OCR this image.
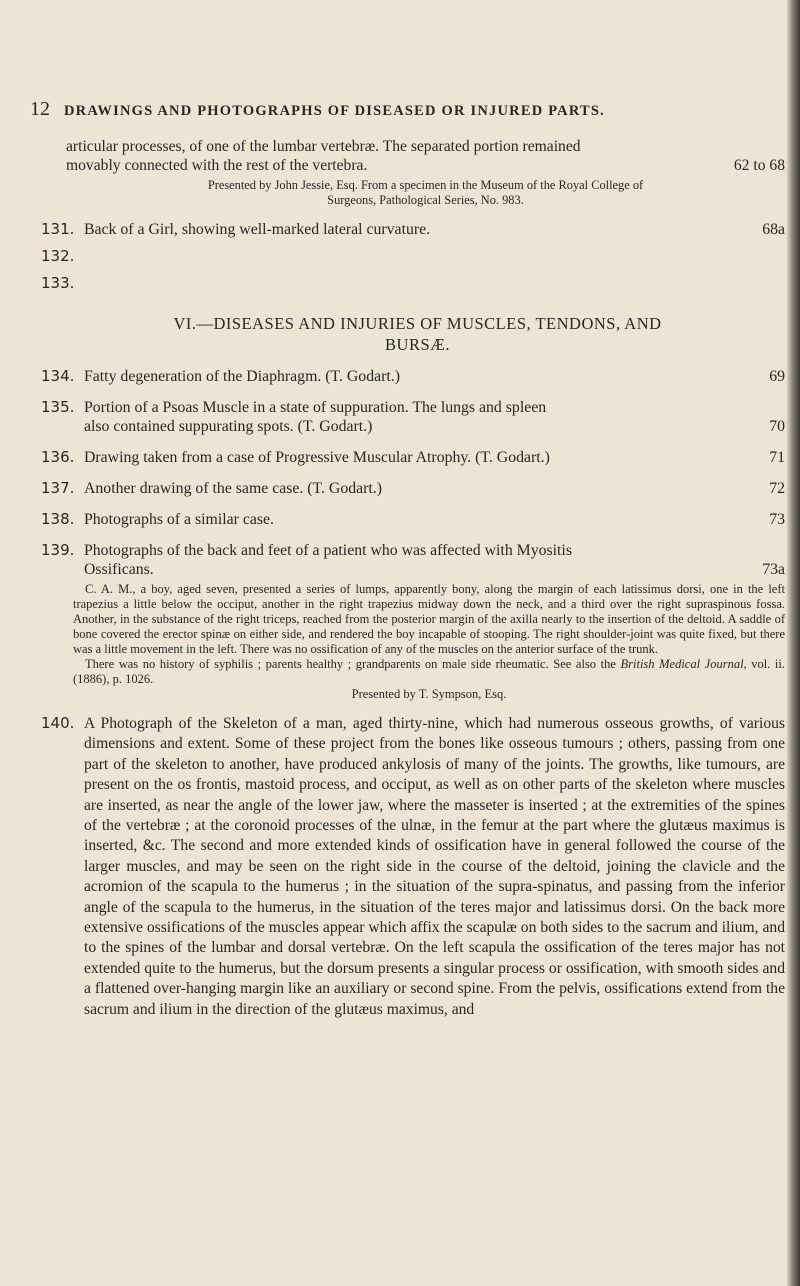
12 DRAWINGS AND PHOTOGRAPHS OF DISEASED OR INJURED PARTS.
articular processes, of one of the lumbar vertebræ. The separated portion remained
movably connected with the rest of the vertebra.	62 to 68
Presented by John Jessie, Esq. From a specimen in the Museum of the Royal College of
Surgeons, Pathological Series, No. 983.
131. Back of a Girl, showing well-marked lateral curvature.	68a
132.
133.
VI.—DISEASES AND INJURIES OF MUSCLES, TENDONS, AND
BURSÆ.
134. Fatty degeneration of the Diaphragm. (T. Godart.)	69
135. Portion of a Psoas Muscle in a state of suppuration. The lungs and spleen
also contained suppurating spots. (T. Godart.)	70
136. Drawing taken from a case of Progressive Muscular Atrophy. (T. Godart.)	71
137. Another drawing of the same case. (T. Godart.)	72
138. Photographs of a similar case.	73
139. Photographs of the back and feet of a patient who was affected with Myositis
Ossificans.	73a

C. A. M., a boy, aged seven, presented a series of lumps, apparently bony, along the margin of each latissimus dorsi, one in the left trapezius a little below the occiput, another in the right trapezius midway down the neck, and a third over the right supraspinous fossa. Another, in the substance of the right triceps, reached from the posterior margin of the axilla nearly to the insertion of the deltoid. A saddle of bone covered the erector spinæ on either side, and rendered the boy incapable of stooping. The right shoulder-joint was quite fixed, but there was a little movement in the left. There was no ossification of any of the muscles on the anterior surface of the trunk.

There was no history of syphilis ; parents healthy ; grandparents on male side rheumatic. See also the British Medical Journal, vol. ii. (1886), p. 1026.

Presented by T. Sympson, Esq.
140. A Photograph of the Skeleton of a man, aged thirty-nine, which had numerous osseous growths, of various dimensions and extent. Some of these project from the bones like osseous tumours ; others, passing from one part of the skeleton to another, have produced ankylosis of many of the joints. The growths, like tumours, are present on the os frontis, mastoid process, and occiput, as well as on other parts of the skeleton where muscles are inserted, as near the angle of the lower jaw, where the masseter is inserted ; at the extremities of the spines of the vertebræ ; at the coronoid processes of the ulnæ, in the femur at the part where the glutæus maximus is inserted, &c. The second and more extended kinds of ossification have in general followed the course of the larger muscles, and may be seen on the right side in the course of the deltoid, joining the clavicle and the acromion of the scapula to the humerus ; in the situation of the supra-spinatus, and passing from the inferior angle of the scapula to the humerus, in the situation of the teres major and latissimus dorsi. On the back more extensive ossifications of the muscles appear which affix the scapulæ on both sides to the sacrum and ilium, and to the spines of the lumbar and dorsal vertebræ. On the left scapula the ossification of the teres major has not extended quite to the humerus, but the dorsum presents a singular process or ossification, with smooth sides and a flattened over-hanging margin like an auxiliary or second spine. From the pelvis, ossifications extend from the sacrum and ilium in the direction of the glutæus maximus, and
